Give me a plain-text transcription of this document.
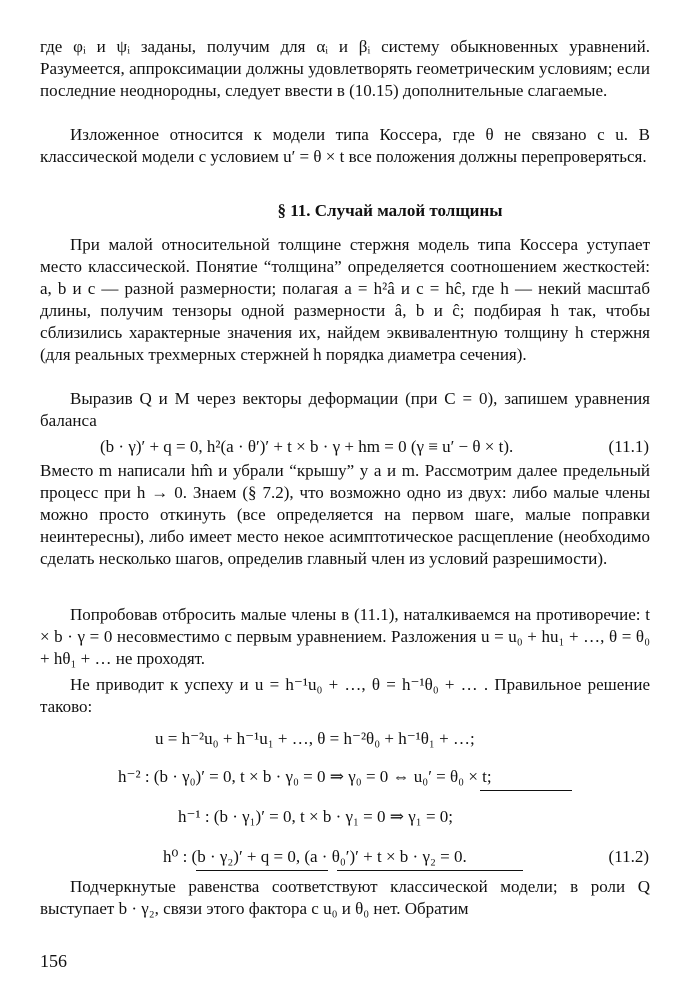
где φᵢ и ψᵢ заданы, получим для αᵢ и βᵢ систему обыкновенных уравнений. Разумеется, аппроксимации должны удовлетворять геометрическим условиям; если последние неоднородны, следует ввести в (10.15) дополнительные слагаемые.
Изложенное относится к модели типа Коссера, где θ не связано с u. В классической модели с условием u′ = θ × t все положения должны перепроверяться.
§ 11. Случай малой толщины
При малой относительной толщине стержня модель типа Коссера уступает место классической. Понятие “толщина” определяется соотношением жесткостей: a, b и c — разной размерности; полагая a = h²â и c = hĉ, где h — некий масштаб длины, получим тензоры одной размерности â, b и ĉ; подбирая h так, чтобы сблизились характерные значения их, найдем эквивалентную толщину h стержня (для реальных трехмерных стержней h порядка диаметра сечения).
Выразив Q и M через векторы деформации (при C = 0), запишем уравнения баланса
(b · γ)′ + q = 0, h²(a · θ′)′ + t × b · γ + hm = 0 (γ ≡ u′ − θ × t).	(11.1)
Вместо m написали hm̂ и убрали “крышу” у a и m. Рассмотрим далее предельный процесс при h → 0. Знаем (§ 7.2), что возможно одно из двух: либо малые члены можно просто откинуть (все определяется на первом шаге, малые поправки неинтересны), либо имеет место некое асимптотическое расщепление (необходимо сделать несколько шагов, определив главный член из условий разрешимости).
Попробовав отбросить малые члены в (11.1), наталкиваемся на противоречие: t × b · γ = 0 несовместимо с первым уравнением. Разложения u = u₀ + hu₁ + …, θ = θ₀ + hθ₁ + … не проходят.
Не приводит к успеху и u = h⁻¹u₀ + …, θ = h⁻¹θ₀ + … . Правильное решение таково:
u = h⁻²u₀ + h⁻¹u₁ + …, θ = h⁻²θ₀ + h⁻¹θ₁ + …;
h⁻² : (b · γ₀)′ = 0, t × b · γ₀ = 0 ⇒ γ₀ = 0 ⇔ u₀′ = θ₀ × t;
h⁻¹ : (b · γ₁)′ = 0, t × b · γ₁ = 0 ⇒ γ₁ = 0;
h⁰ : (b · γ₂)′ + q = 0, (a · θ₀′)′ + t × b · γ₂ = 0.	(11.2)
Подчеркнутые равенства соответствуют классической модели; в роли Q выступает b · γ₂, связи этого фактора с u₀ и θ₀ нет. Обратим
156
